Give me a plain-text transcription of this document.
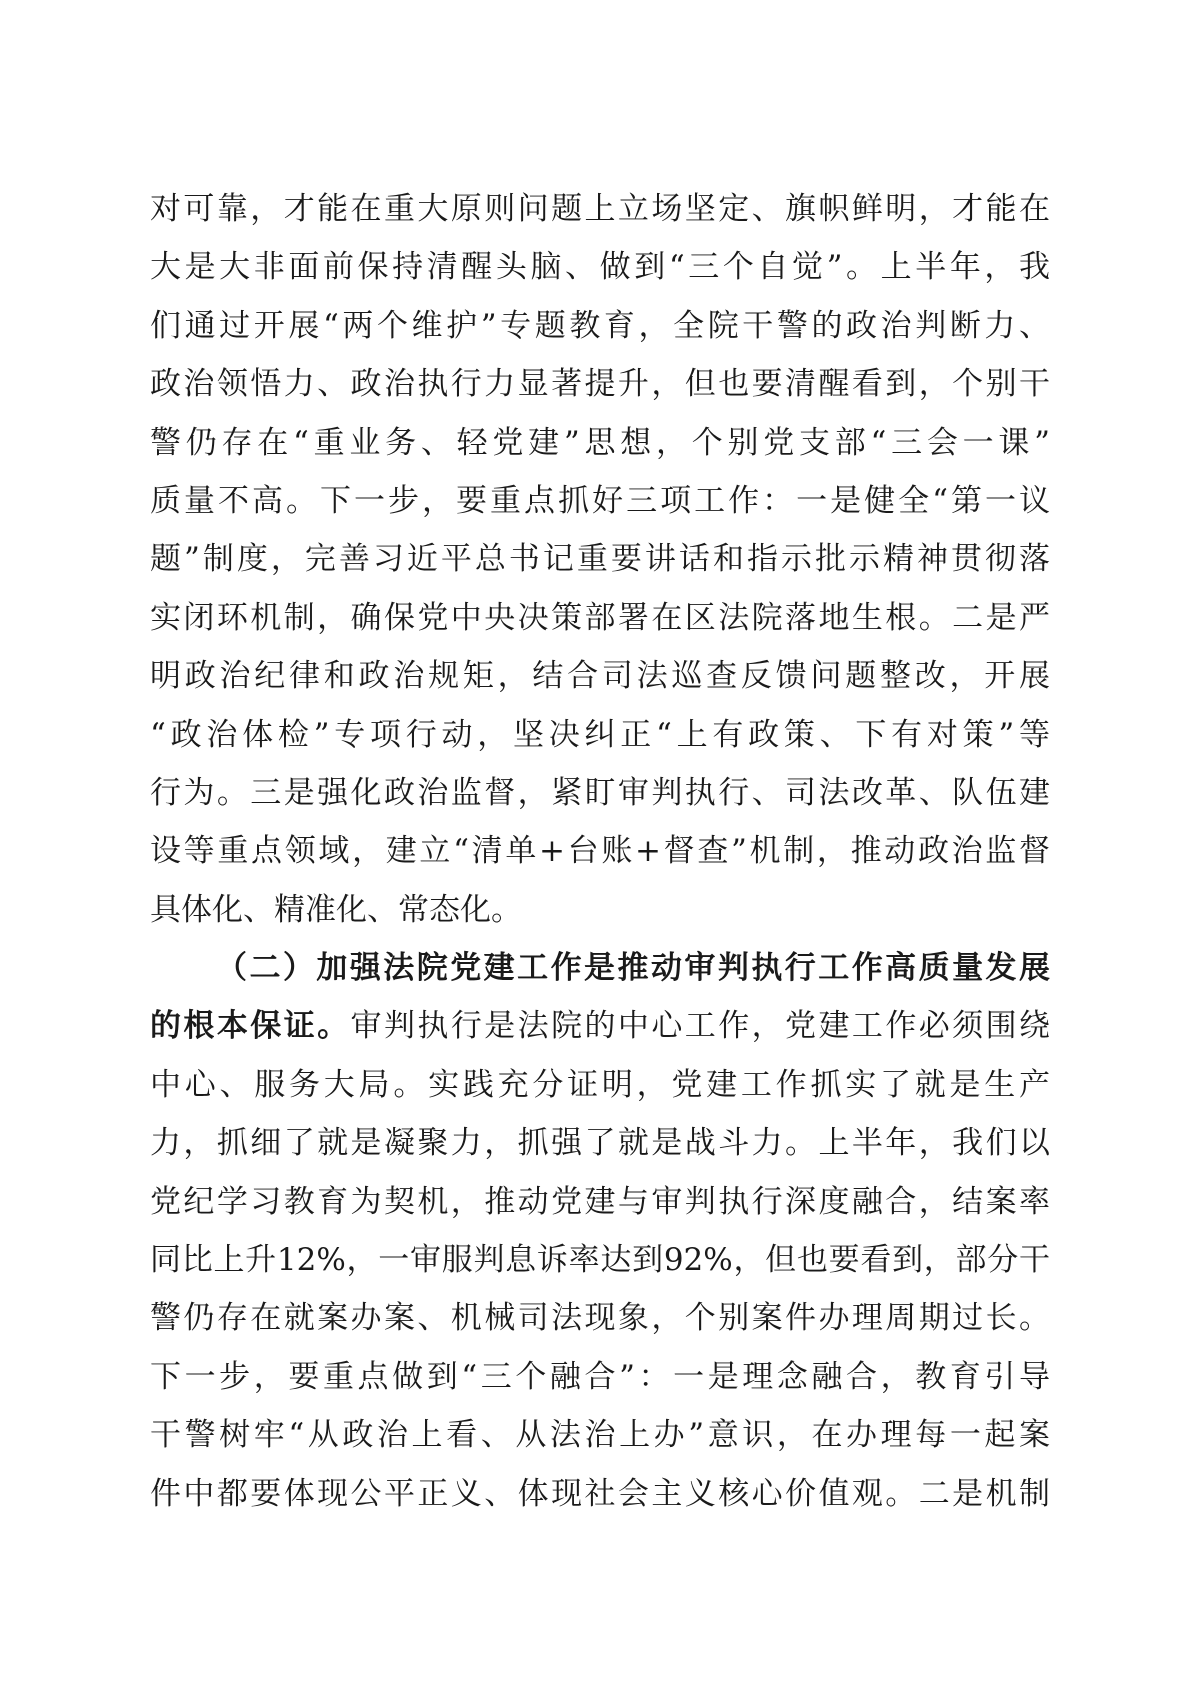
对可靠，才能在重大原则问题上立场坚定、旗帜鲜明，才能在
大是大非面前保持清醒头脑、做到“三个自觉”。上半年，我
们通过开展“两个维护”专题教育，全院干警的政治判断力、
政治领悟力、政治执行力显著提升，但也要清醒看到，个别干
警仍存在“重业务、轻党建”思想，个别党支部“三会一课”
质量不高。下一步，要重点抓好三项工作：一是健全“第一议
题”制度，完善习近平总书记重要讲话和指示批示精神贯彻落
实闭环机制，确保党中央决策部署在区法院落地生根。二是严
明政治纪律和政治规矩，结合司法巡查反馈问题整改，开展
“政治体检”专项行动，坚决纠正“上有政策、下有对策”等
行为。三是强化政治监督，紧盯审判执行、司法改革、队伍建
设等重点领域，建立“清单+台账+督查”机制，推动政治监督
具体化、精准化、常态化。
（二）加强法院党建工作是推动审判执行工作高质量发展
的根本保证。审判执行是法院的中心工作，党建工作必须围绕
中心、服务大局。实践充分证明，党建工作抓实了就是生产
力，抓细了就是凝聚力，抓强了就是战斗力。上半年，我们以
党纪学习教育为契机，推动党建与审判执行深度融合，结案率
同比上升12%，一审服判息诉率达到92%，但也要看到，部分干
警仍存在就案办案、机械司法现象，个别案件办理周期过长。
下一步，要重点做到“三个融合”：一是理念融合，教育引导
干警树牢“从政治上看、从法治上办”意识，在办理每一起案
件中都要体现公平正义、体现社会主义核心价值观。二是机制
